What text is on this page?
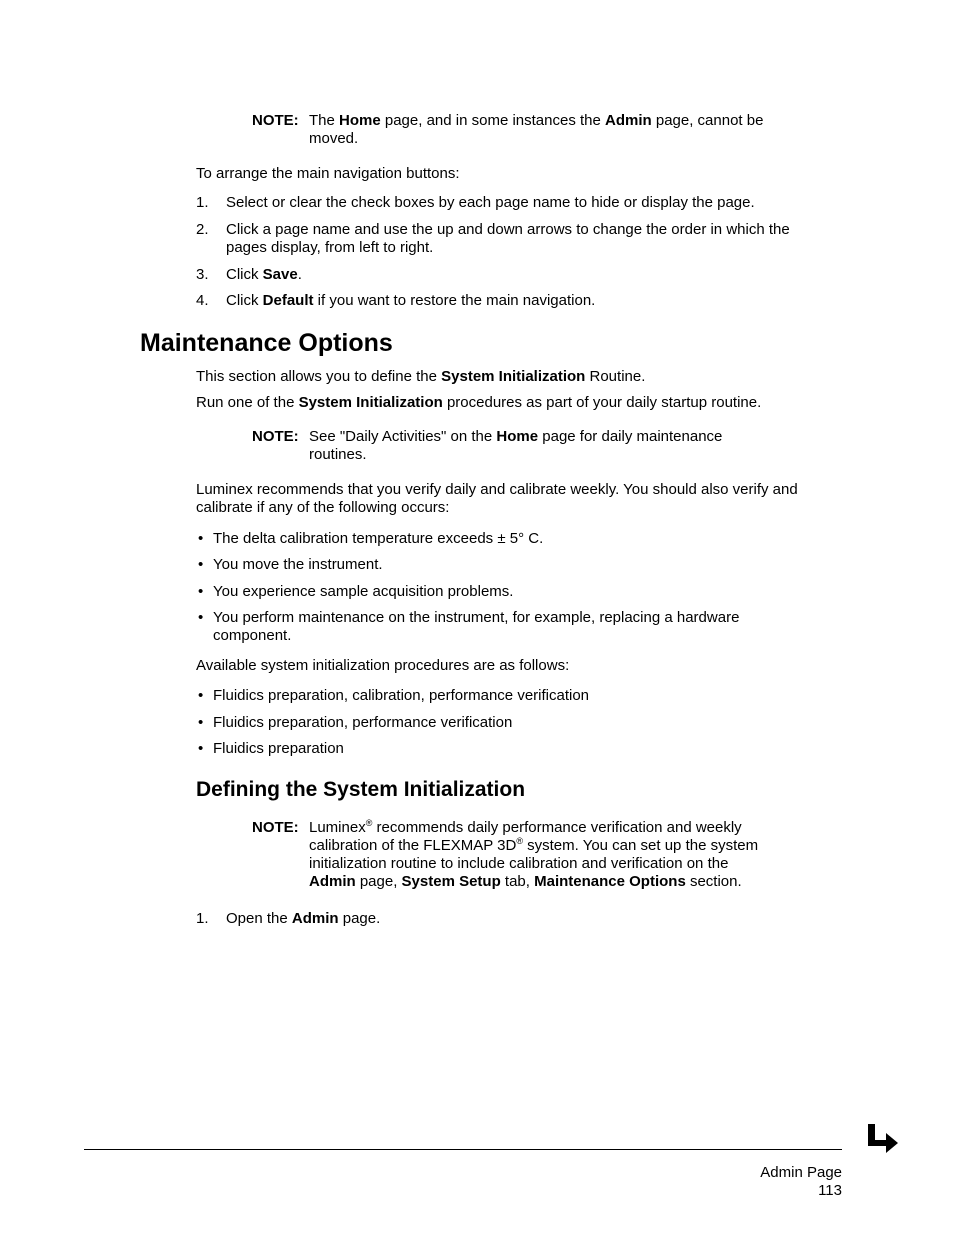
NOTE: The Home page, and in some instances the Admin page, cannot be
moved.
To arrange the main navigation buttons:
1. Select or clear the check boxes by each page name to hide or display the page.
2. Click a page name and use the up and down arrows to change the order in which the
pages display, from left to right.
3. Click Save.
4. Click Default if you want to restore the main navigation.
Maintenance Options
This section allows you to define the System Initialization Routine.
Run one of the System Initialization procedures as part of your daily startup routine.
NOTE: See "Daily Activities" on the Home page for daily maintenance
routines.
Luminex recommends that you verify daily and calibrate weekly. You should also verify and
calibrate if any of the following occurs:
• The delta calibration temperature exceeds ± 5° C.
• You move the instrument.
• You experience sample acquisition problems.
• You perform maintenance on the instrument, for example, replacing a hardware
component.
Available system initialization procedures are as follows:
• Fluidics preparation, calibration, performance verification
• Fluidics preparation, performance verification
• Fluidics preparation
Defining the System Initialization
NOTE: Luminex® recommends daily performance verification and weekly
calibration of the FLEXMAP 3D® system. You can set up the system
initialization routine to include calibration and verification on the
Admin page, System Setup tab, Maintenance Options section.
1. Open the Admin page.
Admin Page
113
